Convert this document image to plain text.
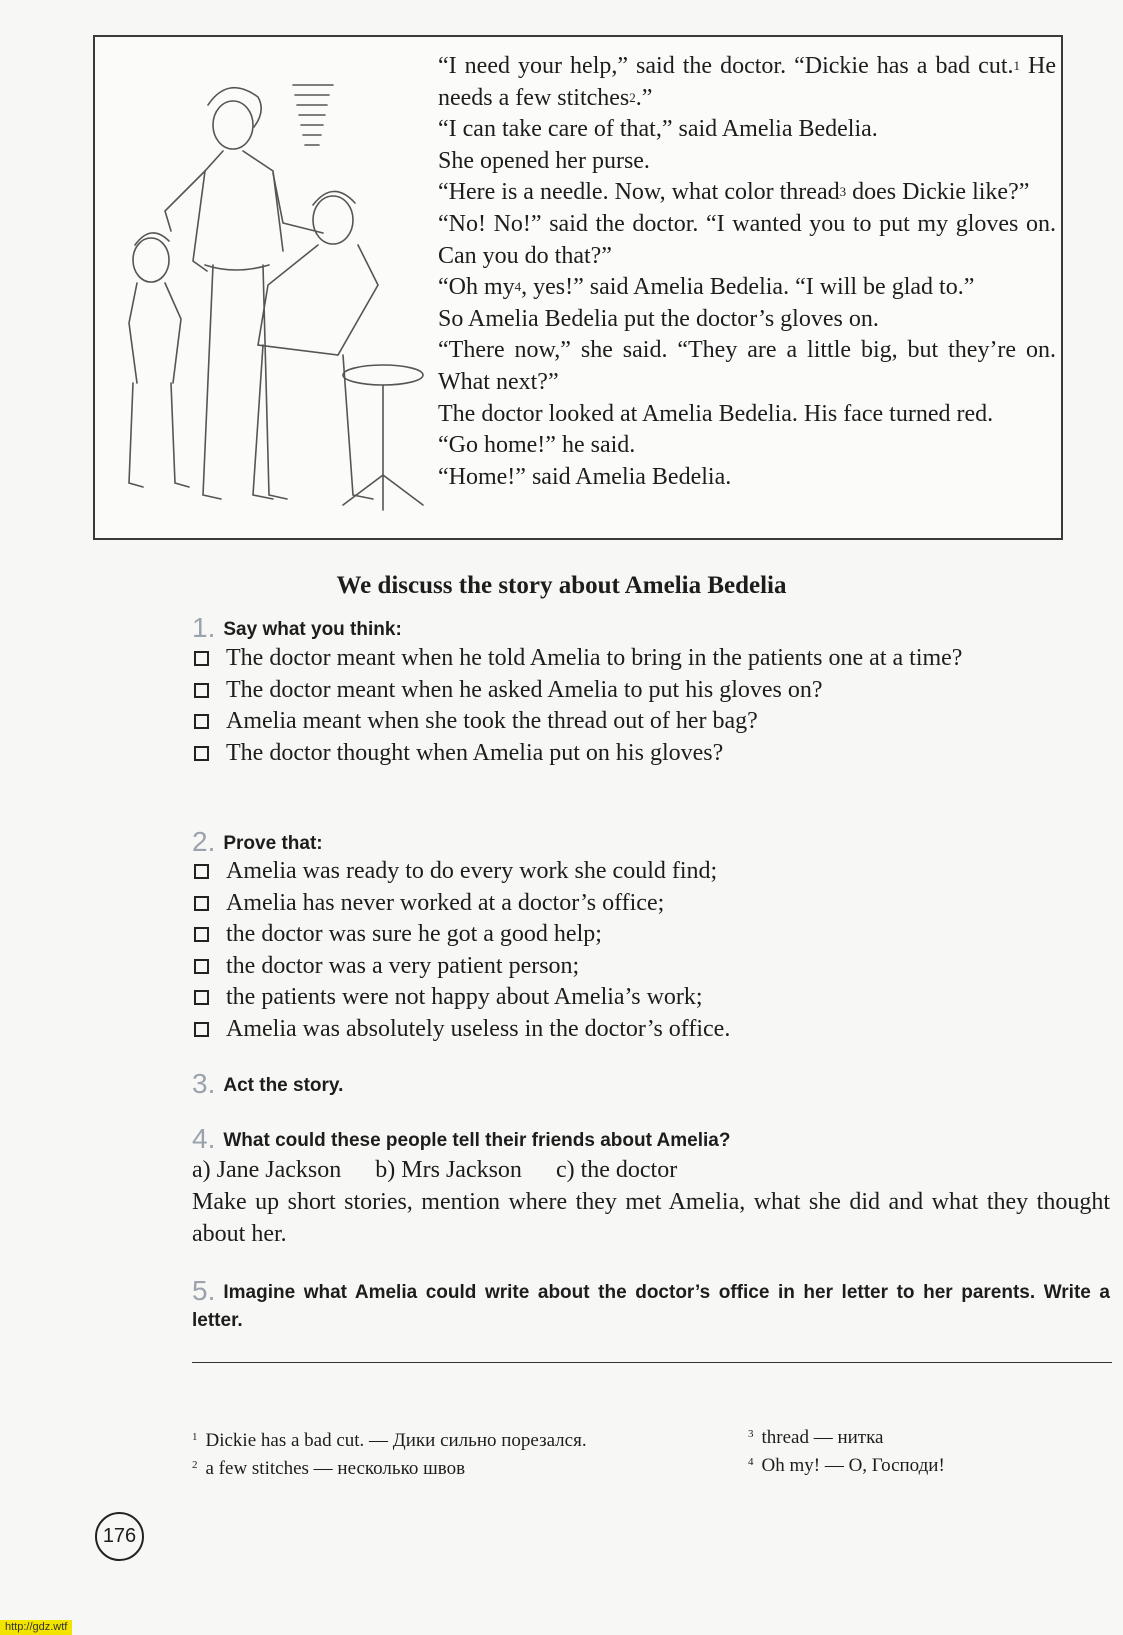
“I need your help,” said the doctor. “Dickie has a bad cut.$^1$ He needs a few stitches$^2$.”

“I can take care of that,” said Amelia Bedelia.

She opened her purse.

“Here is a needle. Now, what color thread$^3$ does Dickie like?”

“No! No!” said the doctor. “I wanted you to put my gloves on. Can you do that?”

“Oh $my^4$, yes!” said Amelia Bedelia. “I will be glad to.”

So Amelia Bedelia put the doctor’s gloves on.

“There now,” she said. “They are a little big, but they’re on. What next?”

The doctor looked at Amelia Bedelia. His face turned red.

“Go home!” he said.

“Home!” said Amelia Bedelia.

We discuss the story about Amelia Bedelia
1. Say what you think:
The doctor meant when he told Amelia to bring in the patients one at a time?
The doctor meant when he asked Amelia to put his gloves on?
Amelia meant when she took the thread out of her bag?
The doctor thought when Amelia put on his gloves?
2. Prove that:
Amelia was ready to do every work she could find;
Amelia has never worked at a doctor’s office;
the doctor was sure he got a good help;
the doctor was a very patient person;
the patients were not happy about Amelia’s work;
Amelia was absolutely useless in the doctor’s office.
3. Act the story.
4. What could these people tell their friends about Amelia?
a) Jane Jackson b) Mrs Jackson c) the doctor

Make up short stories, mention where they met Amelia, what she did and what they thought about her.

5. Imagine what Amelia could write about the doctor’s office in her letter to her parents. Write a letter.
$^1$ Dickie has a bad cut. — Дики сильно порезался.
$^2$ a few stitches — несколько швов
$^3$ thread — нитка
$^4$ Oh my! — О, Господи!
176
http://gdz.wtf
